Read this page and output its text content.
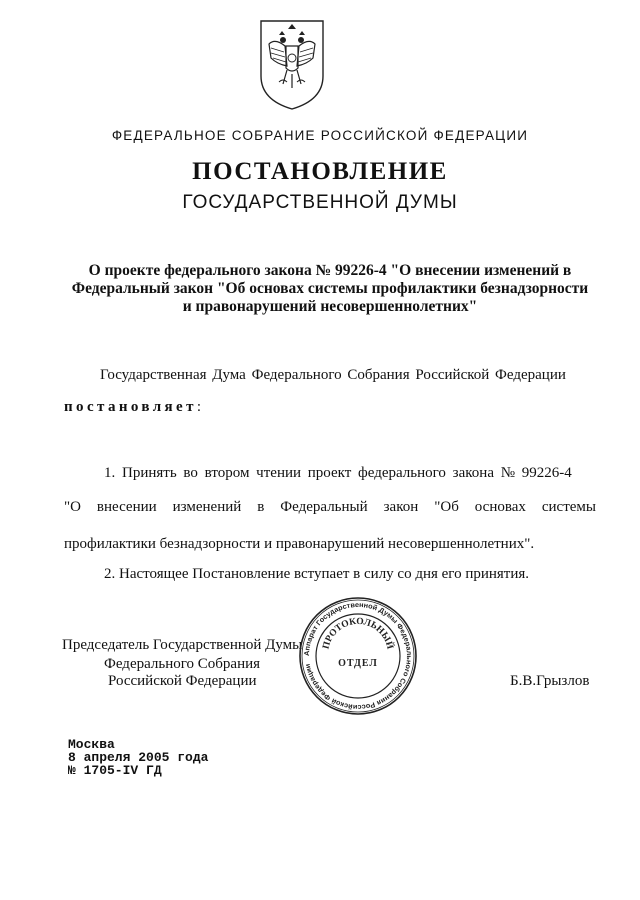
ФЕДЕРАЛЬНОЕ СОБРАНИЕ РОССИЙСКОЙ ФЕДЕРАЦИИ
ПОСТАНОВЛЕНИЕ
ГОСУДАРСТВЕННОЙ ДУМЫ
О проекте федерального закона № 99226-4 "О внесении изменений в
Федеральный закон "Об основах системы профилактики безнадзорности
и правонарушений несовершеннолетних"
Государственная Дума Федерального Собрания Российской Федерации
постановляет:
1. Принять во втором чтении проект федерального закона № 99226-4
"О внесении изменений в Федеральный закон "Об основах системы
профилактики безнадзорности и правонарушений несовершеннолетних".
2. Настоящее Постановление вступает в силу со дня его принятия.
Председатель Государственной Думы
Федерального Собрания
Российской Федерации	Б.В.Грызлов
Аппарат Государственной Думы Федерального Собрания Российской Федерации
ПРОТОКОЛЬНЫЙ
ОТДЕЛ
Москва
8 апреля 2005 года
№ 1705-IV ГД
